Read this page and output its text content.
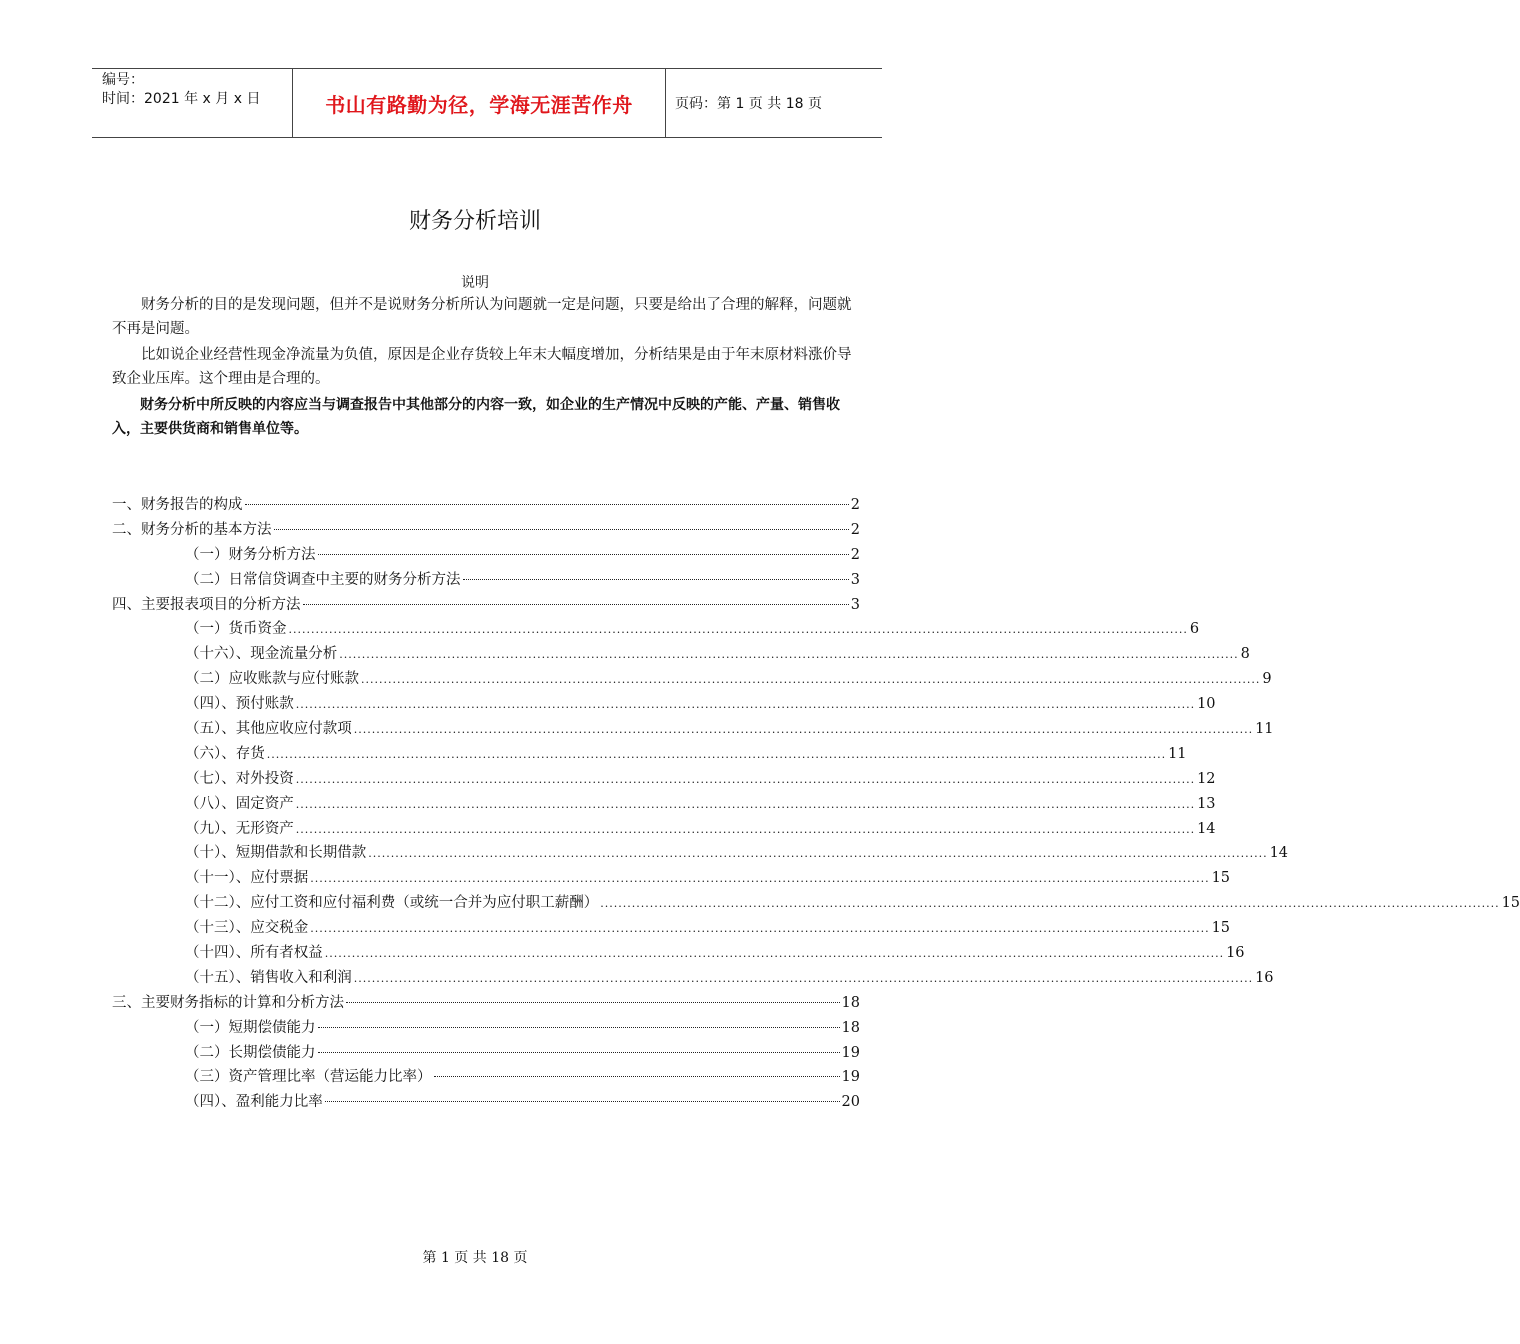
编号：
时间：2021 年 x 月 x 日	书山有路勤为径，学海无涯苦作舟	页码：第 1 页 共 18 页
财务分析培训
说明

财务分析的目的是发现问题，但并不是说财务分析所认为问题就一定是问题，只要是给出了合理的解释，问题就不再是问题。

比如说企业经营性现金净流量为负值，原因是企业存货较上年末大幅度增加，分析结果是由于年末原材料涨价导致企业压库。这个理由是合理的。

财务分析中所反映的内容应当与调查报告中其他部分的内容一致，如企业的生产情况中反映的产能、产量、销售收入，主要供货商和销售单位等。

一、财务报告的构成	2
二、财务分析的基本方法	2
（一）财务分析方法	2
（二）日常信贷调查中主要的财务分析方法	3
四、主要报表项目的分析方法	3
（一）货币资金 ........................................................................................................................................................................................................ 6
（十六）、现金流量分析 ........................................................................................................................................................................................................ 8
（二）应收账款与应付账款 ........................................................................................................................................................................................................ 9
（四）、预付账款 ........................................................................................................................................................................................................ 10
（五）、其他应收应付款项 ........................................................................................................................................................................................................ 11
（六）、存货 ........................................................................................................................................................................................................ 11
（七）、对外投资 ........................................................................................................................................................................................................ 12
（八）、固定资产 ........................................................................................................................................................................................................ 13
（九）、无形资产 ........................................................................................................................................................................................................ 14
（十）、短期借款和长期借款 ........................................................................................................................................................................................................ 14
（十一）、应付票据 ........................................................................................................................................................................................................ 15
（十二）、应付工资和应付福利费（或统一合并为应付职工薪酬） ........................................................................................................................................................................................................ 15
（十三）、应交税金 ........................................................................................................................................................................................................ 15
（十四）、所有者权益 ........................................................................................................................................................................................................ 16
（十五）、销售收入和利润 ........................................................................................................................................................................................................ 16
三、主要财务指标的计算和分析方法	18
（一）短期偿债能力	18
（二）长期偿债能力	19
（三）资产管理比率（营运能力比率）	19
（四）、盈利能力比率	20
第 1 页 共 18 页
